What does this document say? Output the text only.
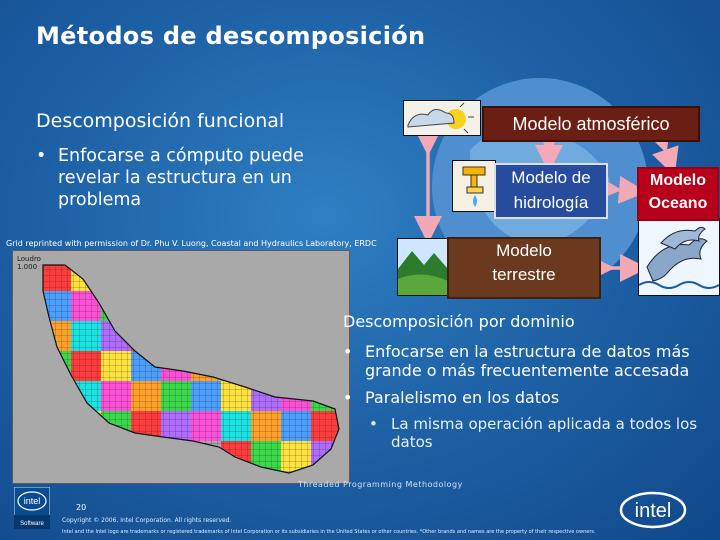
Métodos de descomposición
Descomposición funcional
• Enfocarse a cómputo puede revelar la estructura en un problema
Grid reprinted with permission of Dr. Phu V. Luong, Coastal and Hydraulics Laboratory, ERDC
Loudro
1.000
Modelo atmosférico
Modelo de
hidrología
Modelo
Oceano
Modelo
terrestre
Descomposición por dominio
• Enfocarse en la estructura de datos más grande o más frecuentemente accesada
• Paralelismo en los datos
• La misma operación aplicada a todos los datos
Threaded Programming Methodology
20
Copyright © 2006, Intel Corporation. All rights reserved.
Intel and the Intel logo are trademarks or registered trademarks of Intel Corporation or its subsidiaries in the United States or other countries. *Other brands and names are the property of their respective owners.
intel
Software
intel
